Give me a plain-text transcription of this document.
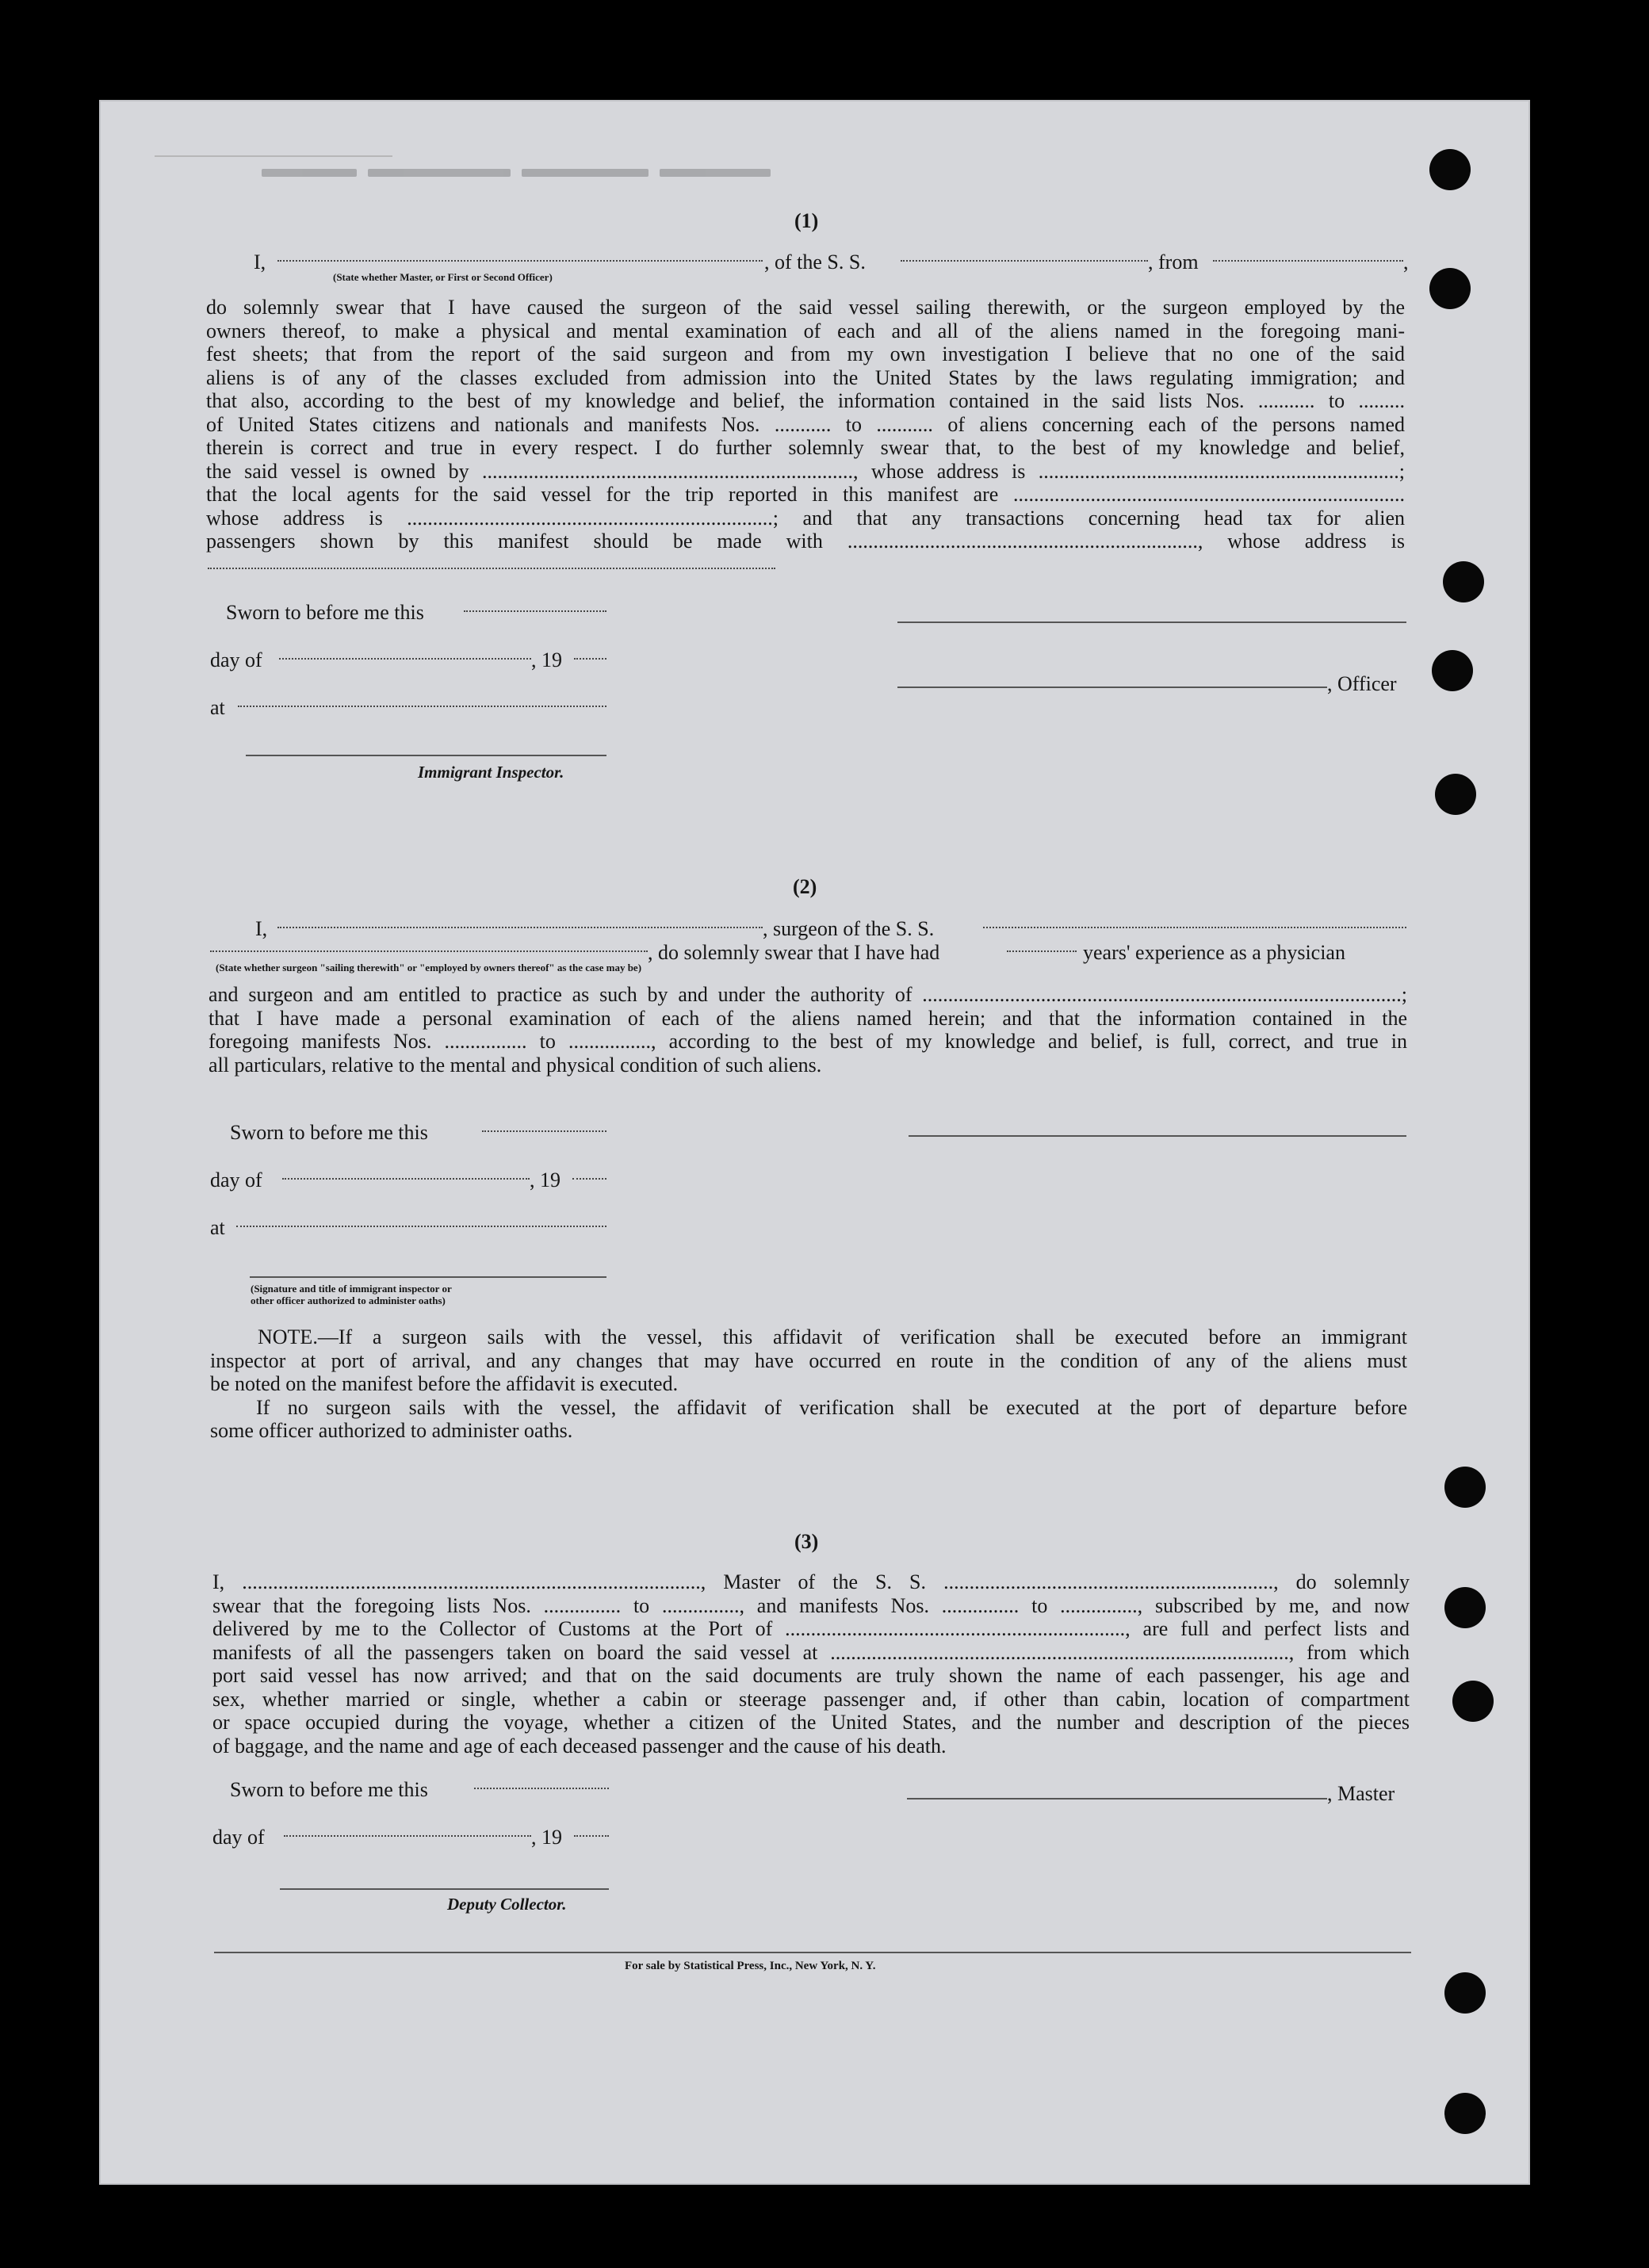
(1)
I,
(State whether Master, or First or Second Officer)
, of the S. S.	, from	,
do solemnly swear that I have caused the surgeon of the said vessel sailing therewith, or the surgeon employed by the
owners thereof, to make a physical and mental examination of each and all of the aliens named in the foregoing mani-
fest sheets; that from the report of the said surgeon and from my own investigation I believe that no one of the said
aliens is of any of the classes excluded from admission into the United States by the laws regulating immigration; and
that also, according to the best of my knowledge and belief, the information contained in the said lists Nos. ........... to .........
of United States citizens and nationals and manifests Nos. ........... to ........... of aliens concerning each of the persons named
therein is correct and true in every respect. I do further solemnly swear that, to the best of my knowledge and belief,
the said vessel is owned by ........................................................................, whose address is ......................................................................;
that the local agents for the said vessel for the trip reported in this manifest are ............................................................................
whose address is .......................................................................; and that any transactions concerning head tax for alien
passengers shown by this manifest should be made with ...................................................................., whose address is
Sworn to before me this
day of	, 19
at
Immigrant Inspector.
, Officer
(2)
I,	, surgeon of the S. S.
, do solemnly swear that I have had	years' experience as a physician
(State whether surgeon "sailing therewith" or "employed by owners thereof" as the case may be)
and surgeon and am entitled to practice as such by and under the authority of .............................................................................................;
that I have made a personal examination of each of the aliens named herein; and that the information contained in the
foregoing manifests Nos. ................ to ................, according to the best of my knowledge and belief, is full, correct, and true in
all particulars, relative to the mental and physical condition of such aliens.
Sworn to before me this
day of	, 19
at
(Signature and title of immigrant inspector or
other officer authorized to administer oaths)
NOTE.—If a surgeon sails with the vessel, this affidavit of verification shall be executed before an immigrant
inspector at port of arrival, and any changes that may have occurred en route in the condition of any of the aliens must
be noted on the manifest before the affidavit is executed.
If no surgeon sails with the vessel, the affidavit of verification shall be executed at the port of departure before
some officer authorized to administer oaths.
(3)
I, ........................................................................................., Master of the S. S. ................................................................, do solemnly
swear that the foregoing lists Nos. ............... to ..............., and manifests Nos. ............... to ..............., subscribed by me, and now
delivered by me to the Collector of Customs at the Port of .................................................................., are full and perfect lists and
manifests of all the passengers taken on board the said vessel at ........................................................................................., from which
port said vessel has now arrived; and that on the said documents are truly shown the name of each passenger, his age and
sex, whether married or single, whether a cabin or steerage passenger and, if other than cabin, location of compartment
or space occupied during the voyage, whether a citizen of the United States, and the number and description of the pieces
of baggage, and the name and age of each deceased passenger and the cause of his death.
Sworn to before me this
day of	, 19
Deputy Collector.
, Master
For sale by Statistical Press, Inc., New York, N. Y.
